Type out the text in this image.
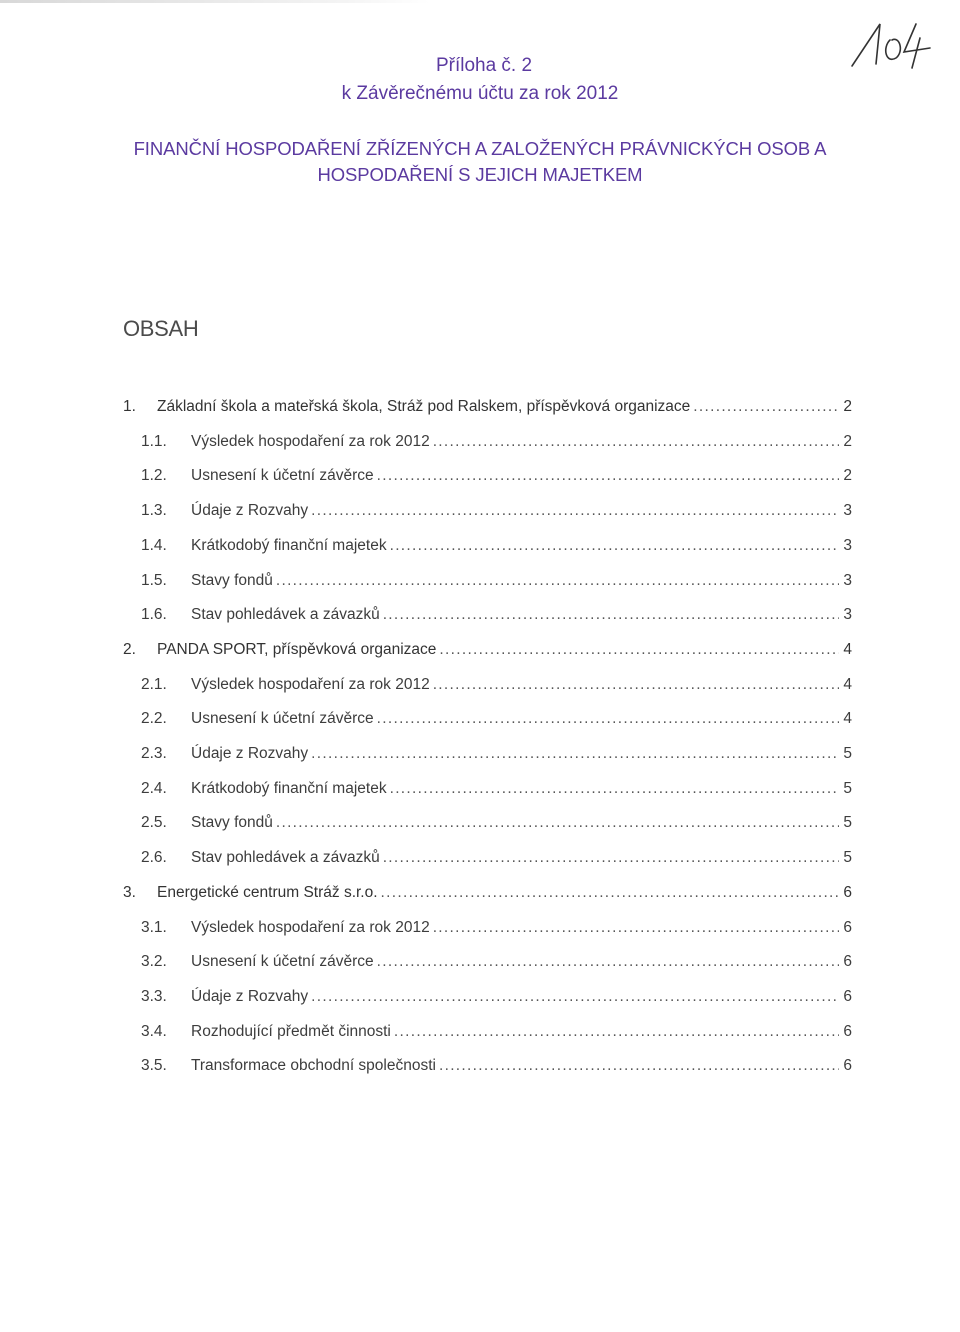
Příloha č. 2
k Závěrečnému účtu za rok 2012
FINANČNÍ HOSPODAŘENÍ ZŘÍZENÝCH A ZALOŽENÝCH PRÁVNICKÝCH OSOB A
HOSPODAŘENÍ S JEJICH MAJETKEM
OBSAH
1.	Základní škola a mateřská škola, Stráž pod Ralskem, příspěvková organizace .....	2
1.1.	Výsledek hospodaření za rok 2012 .....	2
1.2.	Usnesení k účetní závěrce .....	2
1.3.	Údaje z Rozvahy .....	3
1.4.	Krátkodobý finanční majetek .....	3
1.5.	Stavy fondů .....	3
1.6.	Stav pohledávek a závazků .....	3
2.	PANDA SPORT, příspěvková organizace .....	4
2.1.	Výsledek hospodaření za rok 2012 .....	4
2.2.	Usnesení k účetní závěrce .....	4
2.3.	Údaje z Rozvahy .....	5
2.4.	Krátkodobý finanční majetek .....	5
2.5.	Stavy fondů .....	5
2.6.	Stav pohledávek a závazků .....	5
3.	Energetické centrum Stráž s.r.o. .....	6
3.1.	Výsledek hospodaření za rok 2012 .....	6
3.2.	Usnesení k účetní závěrce .....	6
3.3.	Údaje z Rozvahy .....	6
3.4.	Rozhodující předmět činnosti .....	6
3.5.	Transformace obchodní společnosti .....	6
